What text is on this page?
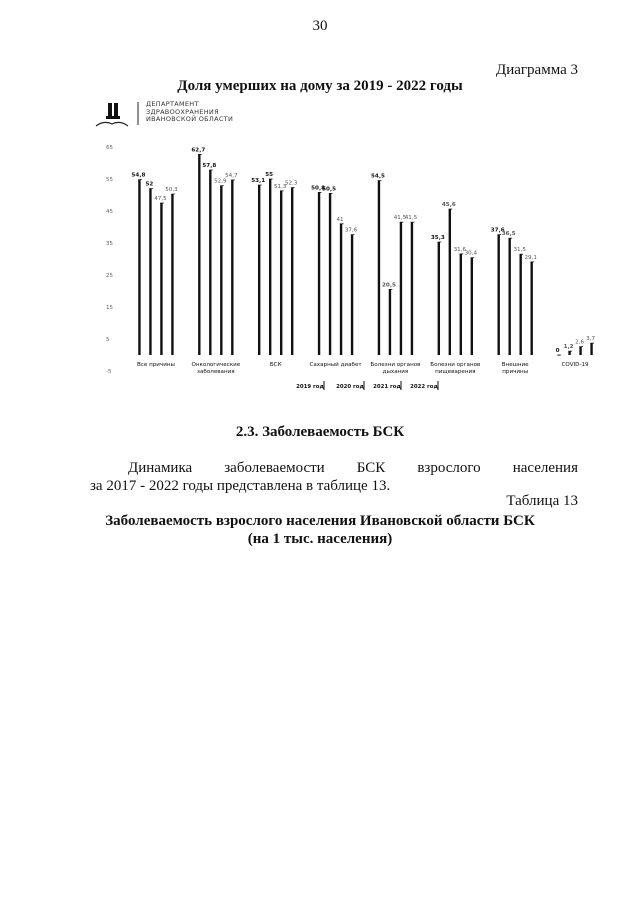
30
Диаграмма 3
Доля умерших на дому за 2019 - 2022 годы
ДЕПАРТАМЕНТ
ЗДРАВООХРАНЕНИЯ
ИВАНОВСКОЙ ОБЛАСТИ
65
55
45
35
25
15
5
-5
54,8
52
47,5
50,3
Все причины
62,7
57,8
52,9
54,7
Онкологические
заболевания
53,1
55
51,3
52,3
БСК
50,8
50,5
41
37,6
Сахарный диабет
54,5
20,5
41,5
41,5
Болезни органов
дыхания
35,3
45,6
31,6
30,4
Болезни органов
пищеварения
37,6
36,5
31,5
29,1
Внешние
причины
0
1,2
2,6
3,7
COVID-19
2019 год 2020 год 2021 год 2022 год
2.3. Заболеваемость БСК
Динамика заболеваемости БСК взрослого населения
за 2017 - 2022 годы представлена в таблице 13.
Таблица 13
Заболеваемость взрослого населения Ивановской области БСК
(на 1 тыс. населения)
